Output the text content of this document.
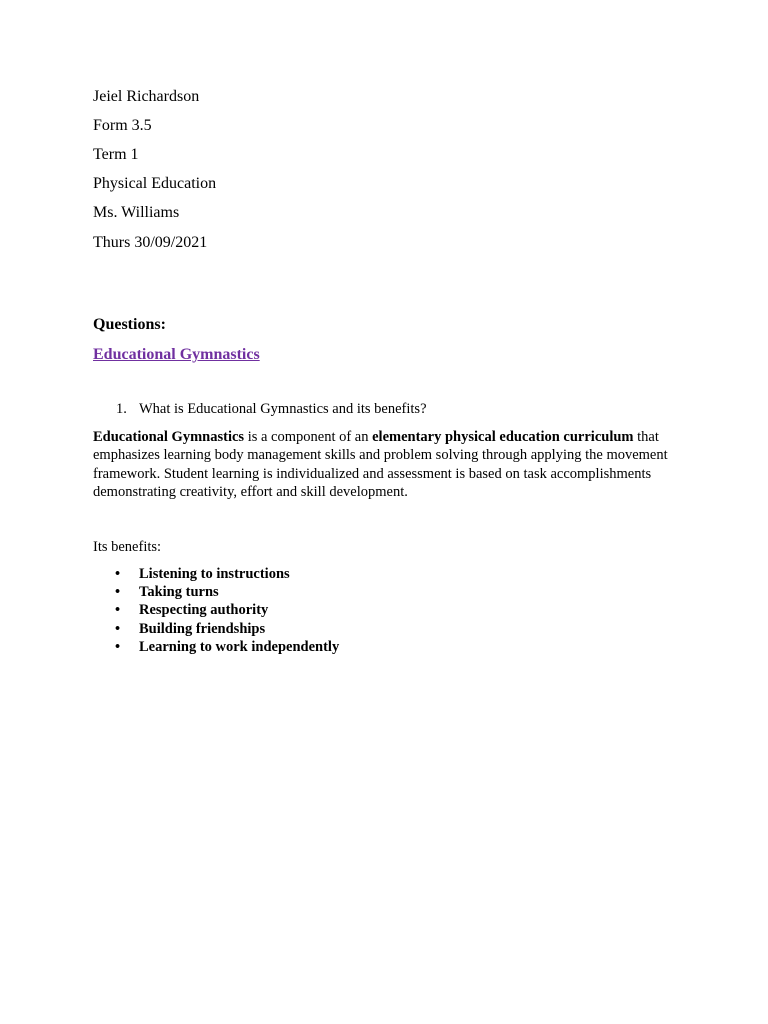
Jeiel Richardson

Form 3.5

Term 1

Physical Education

Ms. Williams

Thurs 30/09/2021

Questions:

Educational Gymnastics

1. What is Educational Gymnastics and its benefits?

Educational Gymnastics is a component of an elementary physical education curriculum that emphasizes learning body management skills and problem solving through applying the movement framework. Student learning is individualized and assessment is based on task accomplishments demonstrating creativity, effort and skill development.

Its benefits:

• Listening to instructions
• Taking turns
• Respecting authority
• Building friendships
• Learning to work independently
